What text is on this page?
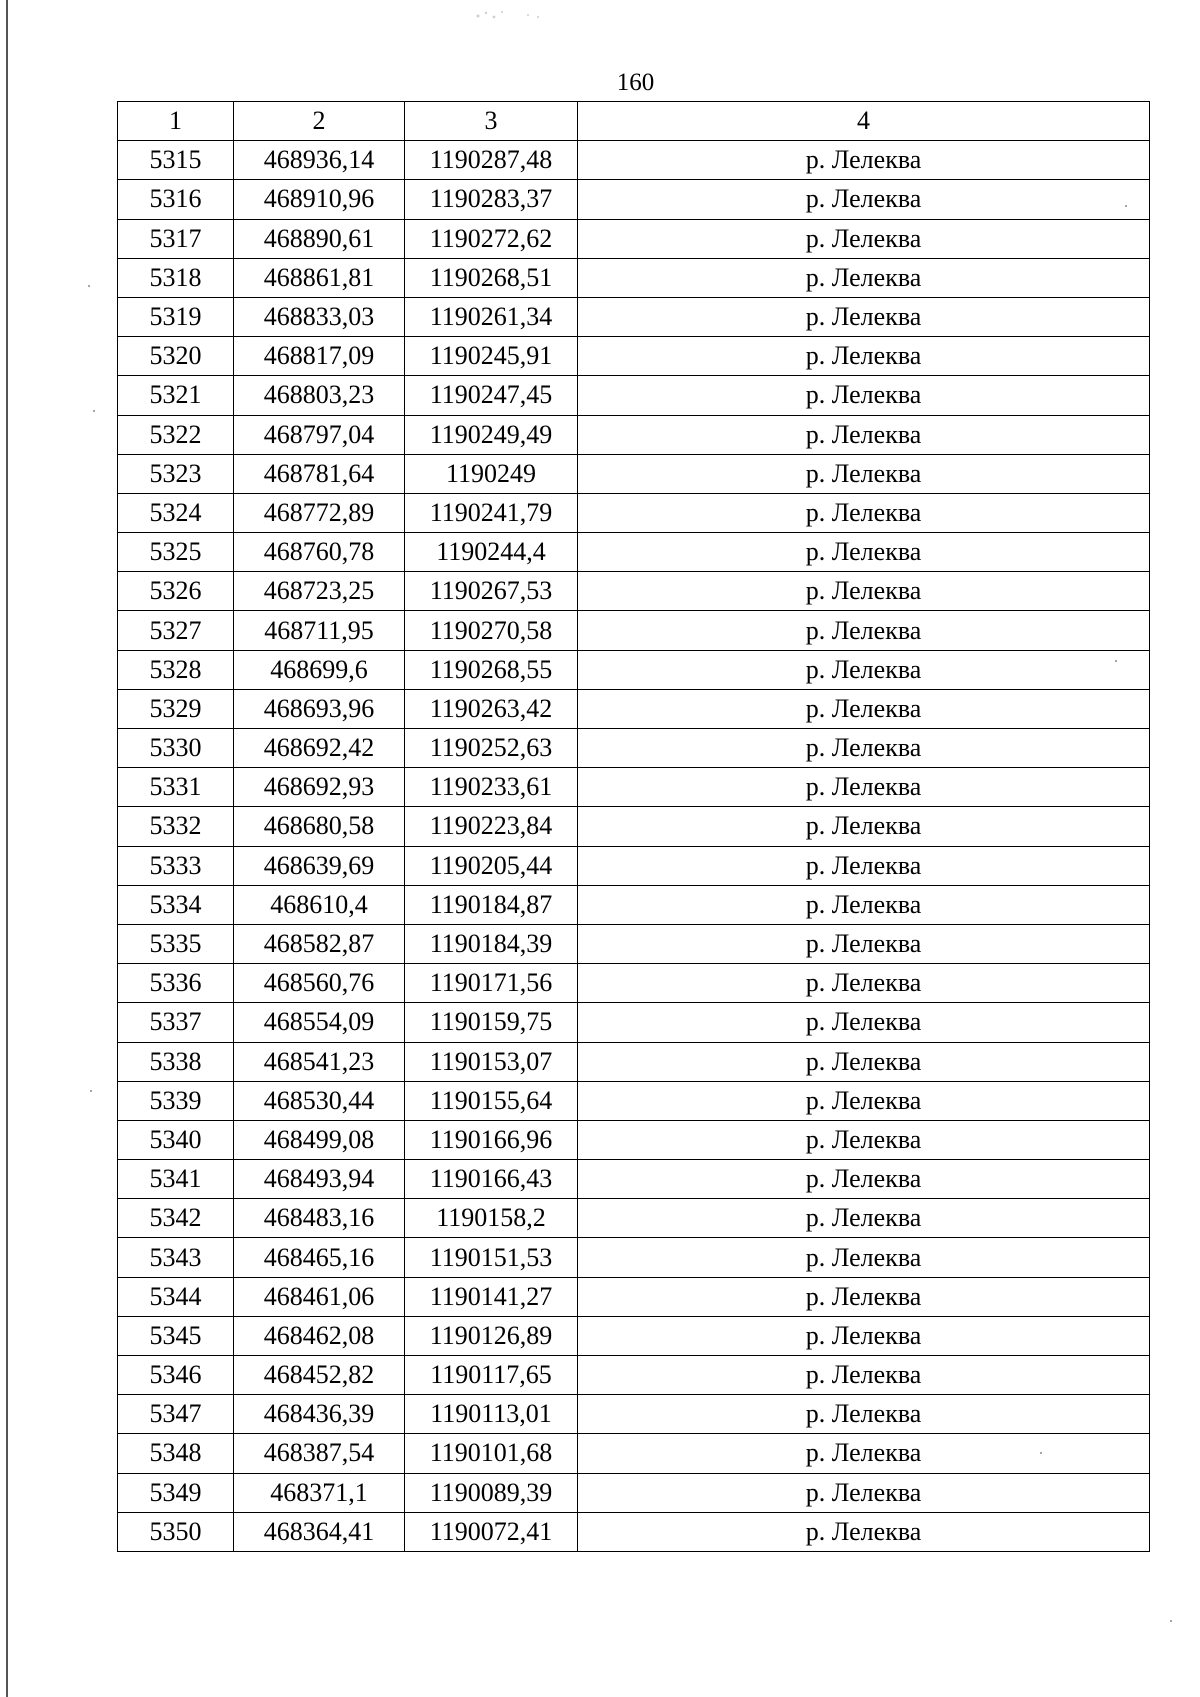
160
1	2	3	4
5315	468936,14	1190287,48	р. Лелеква
5316	468910,96	1190283,37	р. Лелеква
5317	468890,61	1190272,62	р. Лелеква
5318	468861,81	1190268,51	р. Лелеква
5319	468833,03	1190261,34	р. Лелеква
5320	468817,09	1190245,91	р. Лелеква
5321	468803,23	1190247,45	р. Лелеква
5322	468797,04	1190249,49	р. Лелеква
5323	468781,64	1190249	р. Лелеква
5324	468772,89	1190241,79	р. Лелеква
5325	468760,78	1190244,4	р. Лелеква
5326	468723,25	1190267,53	р. Лелеква
5327	468711,95	1190270,58	р. Лелеква
5328	468699,6	1190268,55	р. Лелеква
5329	468693,96	1190263,42	р. Лелеква
5330	468692,42	1190252,63	р. Лелеква
5331	468692,93	1190233,61	р. Лелеква
5332	468680,58	1190223,84	р. Лелеква
5333	468639,69	1190205,44	р. Лелеква
5334	468610,4	1190184,87	р. Лелеква
5335	468582,87	1190184,39	р. Лелеква
5336	468560,76	1190171,56	р. Лелеква
5337	468554,09	1190159,75	р. Лелеква
5338	468541,23	1190153,07	р. Лелеква
5339	468530,44	1190155,64	р. Лелеква
5340	468499,08	1190166,96	р. Лелеква
5341	468493,94	1190166,43	р. Лелеква
5342	468483,16	1190158,2	р. Лелеква
5343	468465,16	1190151,53	р. Лелеква
5344	468461,06	1190141,27	р. Лелеква
5345	468462,08	1190126,89	р. Лелеква
5346	468452,82	1190117,65	р. Лелеква
5347	468436,39	1190113,01	р. Лелеква
5348	468387,54	1190101,68	р. Лелеква
5349	468371,1	1190089,39	р. Лелеква
5350	468364,41	1190072,41	р. Лелеква
